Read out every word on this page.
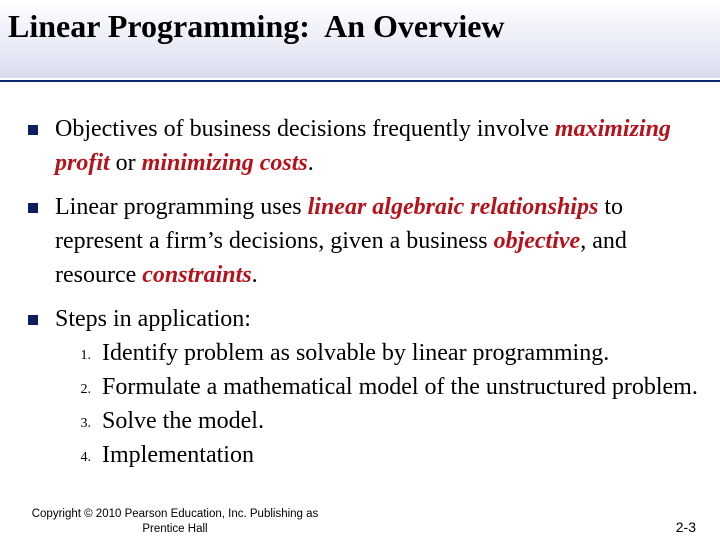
Linear Programming:  An Overview
Objectives of business decisions frequently involve maximizing profit or minimizing costs.
Linear programming uses linear algebraic relationships to represent a firm’s decisions, given a business objective, and resource constraints.
Steps in application:
1. Identify problem as solvable by linear programming.
2. Formulate a mathematical model of the unstructured problem.
3. Solve the model.
4. Implementation
Copyright © 2010 Pearson Education, Inc. Publishing as
Prentice Hall	2-3
